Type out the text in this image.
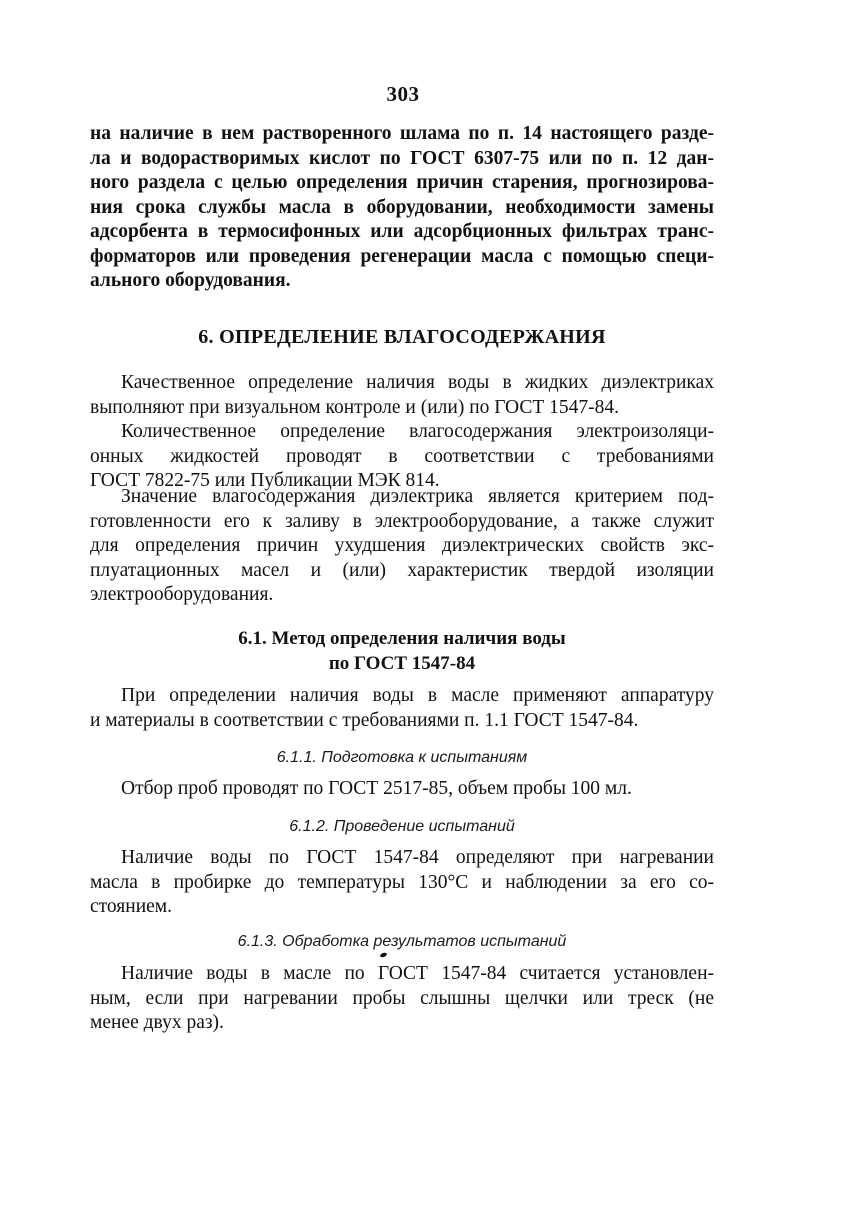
303
на наличие в нем растворенного шлама по п. 14 настоящего разде-
ла и водорастворимых кислот по ГОСТ 6307-75 или по п. 12 дан-
ного раздела с целью определения причин старения, прогнозирова-
ния срока службы масла в оборудовании, необходимости замены
адсорбента в термосифонных или адсорбционных фильтрах транс-
форматоров или проведения регенерации масла с помощью специ-
ального оборудования.
6. ОПРЕДЕЛЕНИЕ ВЛАГОСОДЕРЖАНИЯ
Качественное определение наличия воды в жидких диэлектриках
выполняют при визуальном контроле и (или) по ГОСТ 1547-84.
Количественное определение влагосодержания электроизоляци-
онных жидкостей проводят в соответствии с требованиями
ГОСТ 7822-75 или Публикации МЭК 814.
Значение влагосодержания диэлектрика является критерием под-
готовленности его к заливу в электрооборудование, а также служит
для определения причин ухудшения диэлектрических свойств экс-
плуатационных масел и (или) характеристик твердой изоляции
электрооборудования.
6.1. Метод определения наличия воды
по ГОСТ 1547-84
При определении наличия воды в масле применяют аппаратуру
и материалы в соответствии с требованиями п. 1.1 ГОСТ 1547-84.
6.1.1. Подготовка к испытаниям
Отбор проб проводят по ГОСТ 2517-85, объем пробы 100 мл.
6.1.2. Проведение испытаний
Наличие воды по ГОСТ 1547-84 определяют при нагревании
масла в пробирке до температуры 130°С и наблюдении за его со-
стоянием.
6.1.3. Обработка результатов испытаний
Наличие воды в масле по ГОСТ 1547-84 считается установлен-
ным, если при нагревании пробы слышны щелчки или треск (не
менее двух раз).
